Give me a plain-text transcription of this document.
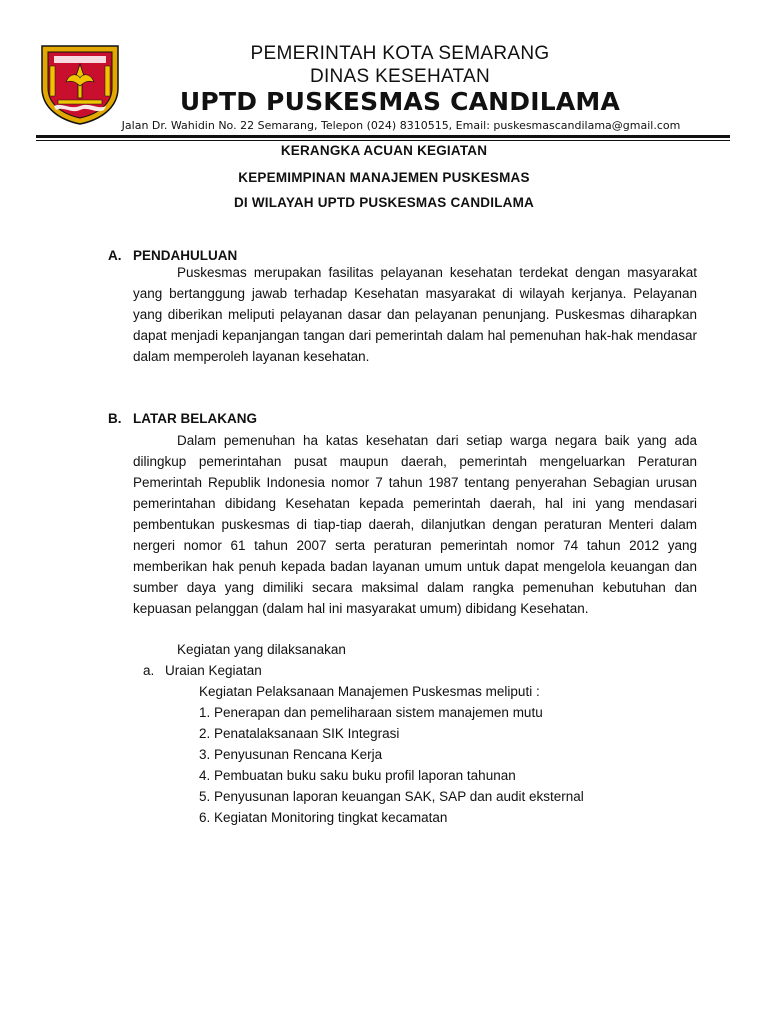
PEMERINTAH KOTA SEMARANG
DINAS KESEHATAN
UPTD PUSKESMAS CANDILAMA
Jalan Dr. Wahidin No. 22 Semarang, Telepon (024) 8310515, Email: puskesmascandilama@gmail.com
KERANGKA ACUAN KEGIATAN
KEPEMIMPINAN MANAJEMEN PUSKESMAS
DI WILAYAH UPTD PUSKESMAS CANDILAMA
A. PENDAHULUAN
Puskesmas merupakan fasilitas pelayanan kesehatan terdekat dengan masyarakat yang bertanggung jawab terhadap Kesehatan masyarakat di wilayah kerjanya. Pelayanan yang diberikan meliputi pelayanan dasar dan pelayanan penunjang. Puskesmas diharapkan dapat menjadi kepanjangan tangan dari pemerintah dalam hal pemenuhan hak-hak mendasar dalam memperoleh layanan kesehatan.
B. LATAR BELAKANG
Dalam pemenuhan ha katas kesehatan dari setiap warga negara baik yang ada dilingkup pemerintahan pusat maupun daerah, pemerintah mengeluarkan Peraturan Pemerintah Republik Indonesia nomor 7 tahun 1987 tentang penyerahan Sebagian urusan pemerintahan dibidang Kesehatan kepada pemerintah daerah, hal ini yang mendasari pembentukan puskesmas di tiap-tiap daerah, dilanjutkan dengan peraturan Menteri dalam nergeri nomor 61 tahun 2007 serta peraturan pemerintah nomor 74 tahun 2012 yang memberikan hak penuh kepada badan layanan umum untuk dapat mengelola keuangan dan sumber daya yang dimiliki secara maksimal dalam rangka pemenuhan kebutuhan dan kepuasan pelanggan (dalam hal ini masyarakat umum) dibidang Kesehatan.
Kegiatan yang dilaksanakan
a. Uraian Kegiatan
Kegiatan Pelaksanaan Manajemen Puskesmas meliputi :
1. Penerapan dan pemeliharaan sistem manajemen mutu
2. Penatalaksanaan SIK Integrasi
3. Penyusunan Rencana Kerja
4. Pembuatan buku saku buku profil laporan tahunan
5. Penyusunan laporan keuangan SAK, SAP dan audit eksternal
6. Kegiatan Monitoring tingkat kecamatan
